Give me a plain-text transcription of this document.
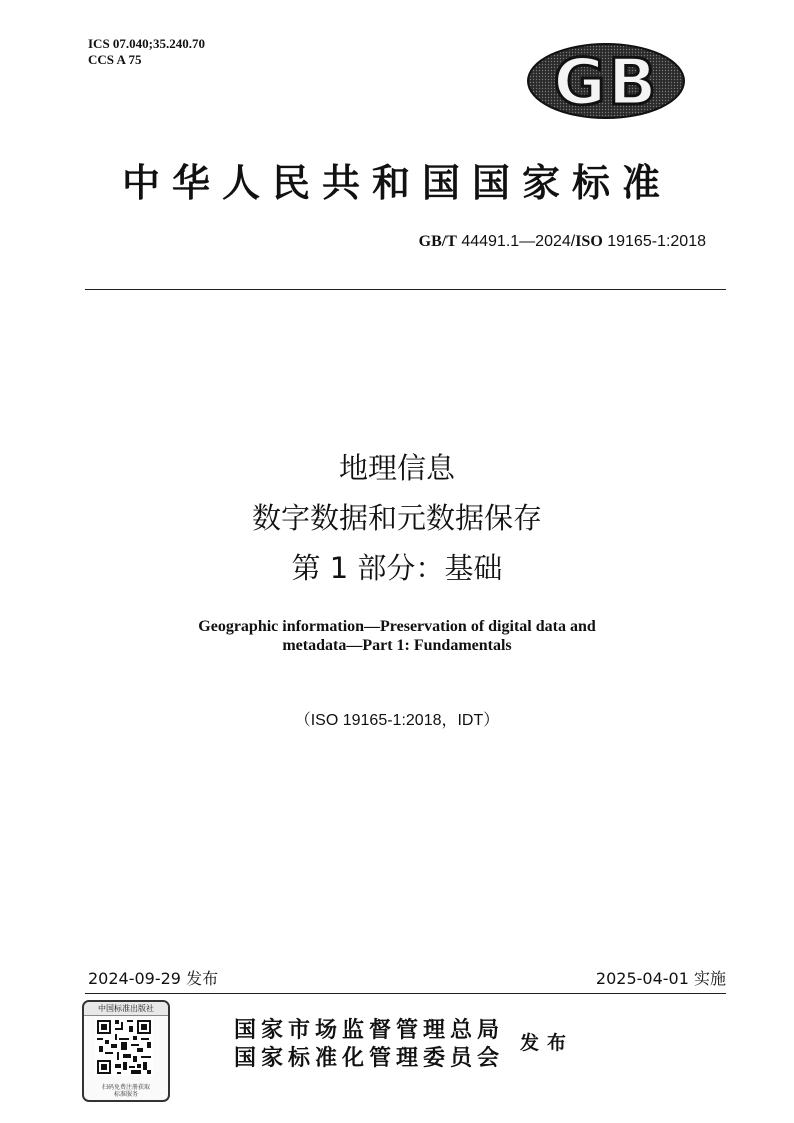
ICS 07.040;35.240.70
CCS A 75	GB
中华人民共和国国家标准
GB/T 44491.1—2024/ISO 19165-1:2018
地理信息
数字数据和元数据保存
第 1 部分：基础
Geographic information—Preservation of digital data and
metadata—Part 1: Fundamentals
（ISO 19165-1:2018，IDT）
2024-09-29 发布	2025-04-01 实施
中国标准出版社
扫码免费注册获取
标准服务
国家市场监督管理总局
国家标准化管理委员会
发布
